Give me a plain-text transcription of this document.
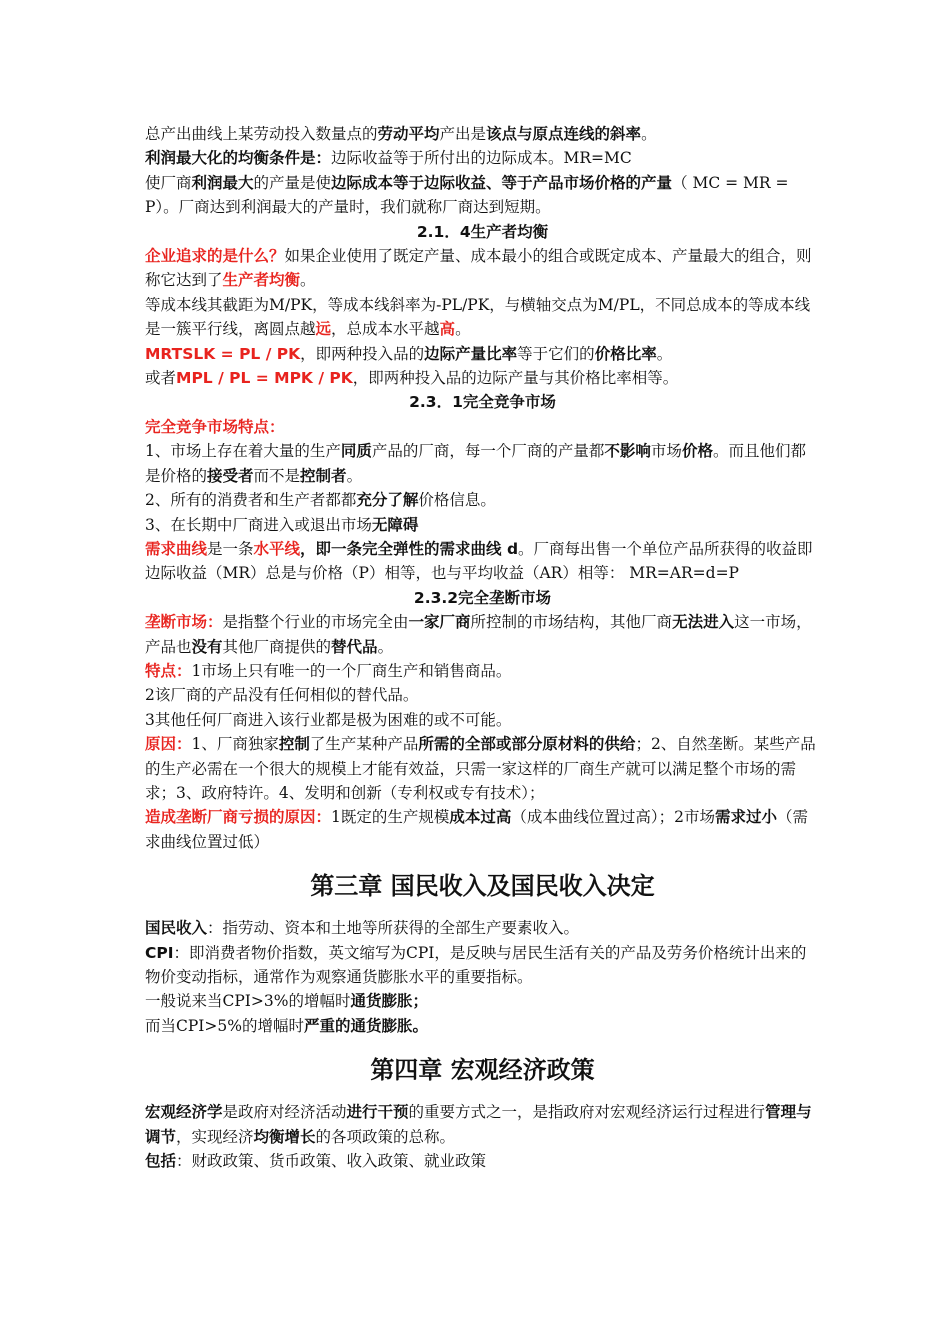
总产出曲线上某劳动投入数量点的劳动平均产出是该点与原点连线的斜率。

利润最大化的均衡条件是：边际收益等于所付出的边际成本。MR=MC

使厂商利润最大的产量是使边际成本等于边际收益、等于产品市场价格的产量（ MC = MR =P）。厂商达到利润最大的产量时，我们就称厂商达到短期。

2.1．4生产者均衡

企业追求的是什么？如果企业使用了既定产量、成本最小的组合或既定成本、产量最大的组合，则称它达到了生产者均衡。

等成本线其截距为M/PK，等成本线斜率为-PL/PK，与横轴交点为M/PL，不同总成本的等成本线是一簇平行线，离圆点越远，总成本水平越高。

MRTSLK = PL / PK，即两种投入品的边际产量比率等于它们的价格比率。

或者MPL / PL = MPK / PK，即两种投入品的边际产量与其价格比率相等。

2.3．1完全竞争市场

完全竞争市场特点：

1、市场上存在着大量的生产同质产品的厂商，每一个厂商的产量都不影响市场价格。而且他们都是价格的接受者而不是控制者。

2、所有的消费者和生产者都都充分了解价格信息。

3、在长期中厂商进入或退出市场无障碍

需求曲线是一条水平线，即一条完全弹性的需求曲线 d。厂商每出售一个单位产品所获得的收益即边际收益（MR）总是与价格（P）相等，也与平均收益（AR）相等： MR=AR=d=P

2.3.2完全垄断市场

垄断市场：是指整个行业的市场完全由一家厂商所控制的市场结构，其他厂商无法进入这一市场，产品也没有其他厂商提供的替代品。

特点：1市场上只有唯一的一个厂商生产和销售商品。

2该厂商的产品没有任何相似的替代品。

3其他任何厂商进入该行业都是极为困难的或不可能。

原因：1、厂商独家控制了生产某种产品所需的全部或部分原材料的供给；2、自然垄断。某些产品的生产必需在一个很大的规模上才能有效益，只需一家这样的厂商生产就可以满足整个市场的需求；3、政府特许。4、发明和创新（专利权或专有技术）；

造成垄断厂商亏损的原因：1既定的生产规模成本过高（成本曲线位置过高）；2市场需求过小（需求曲线位置过低）

第三章 国民收入及国民收入决定

国民收入：指劳动、资本和土地等所获得的全部生产要素收入。

CPI：即消费者物价指数，英文缩写为CPI，是反映与居民生活有关的产品及劳务价格统计出来的物价变动指标，通常作为观察通货膨胀水平的重要指标。

一般说来当CPI>3%的增幅时通货膨胀；

而当CPI>5%的增幅时严重的通货膨胀。

第四章 宏观经济政策

宏观经济学是政府对经济活动进行干预的重要方式之一，是指政府对宏观经济运行过程进行管理与调节，实现经济均衡增长的各项政策的总称。

包括：财政政策、货币政策、收入政策、就业政策
